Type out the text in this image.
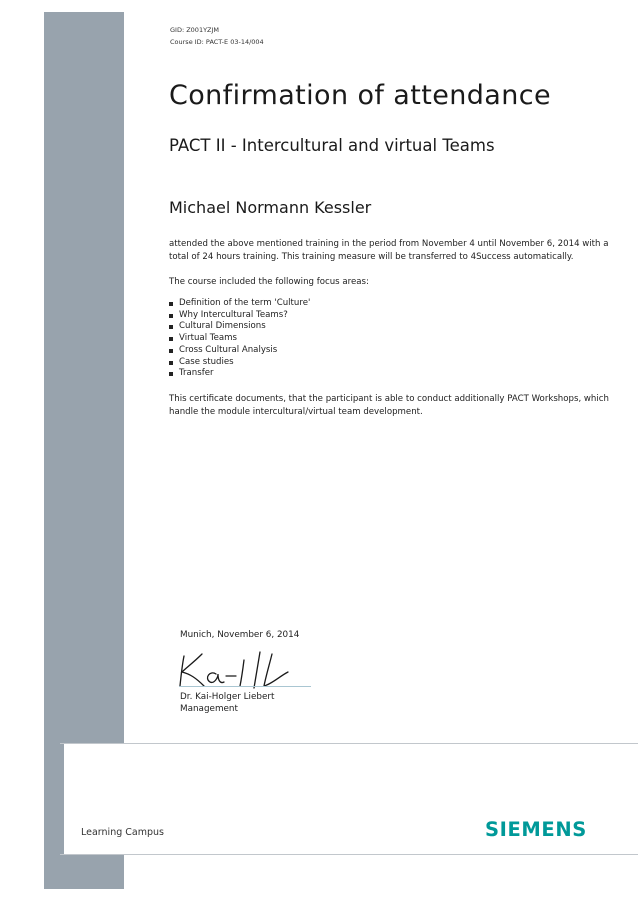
GID: Z001YZJM
Course ID: PACT-E 03-14/004
Confirmation of attendance
PACT II - Intercultural and virtual Teams
Michael Normann Kessler

attended the above mentioned training in the period from November 4 until November 6, 2014 with a total of 24 hours training. This training measure will be transferred to 4Success automatically.

The course included the following focus areas:

Definition of the term 'Culture'
Why Intercultural Teams?
Cultural Dimensions
Virtual Teams
Cross Cultural Analysis
Case studies
Transfer

This certificate documents, that the participant is able to conduct additionally PACT Workshops, which handle the module intercultural/virtual team development.

Munich, November 6, 2014
Dr. Kai-Holger Liebert
Management
Learning Campus	SIEMENS
